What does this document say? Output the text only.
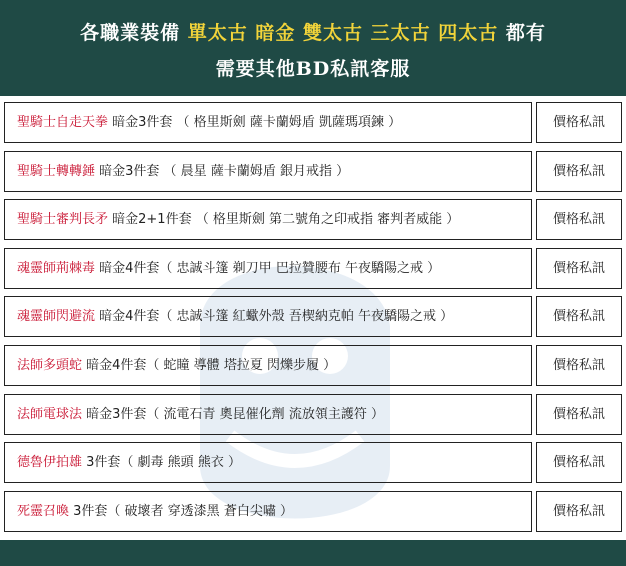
各職業裝備 單太古 暗金 雙太古 三太古 四太古 都有
需要其他BD私訊客服
聖騎士自走天拳 暗金3件套 （ 格里斯劍 薩卡蘭姆盾 凱薩瑪項鍊 ）	價格私訊
聖騎士轉轉錘 暗金3件套 （ 晨星 薩卡蘭姆盾 銀月戒指 ）	價格私訊
聖騎士審判長矛 暗金2+1件套 （ 格里斯劍 第二號角之印戒指 審判者威能 ）	價格私訊
魂靈師荊棘毒 暗金4件套（ 忠誠斗篷 剃刀甲 巴拉贊腰布 午夜驕陽之戒 ）	價格私訊
魂靈師閃避流 暗金4件套（ 忠誠斗篷 紅蠍外殼 吾楔納克帕 午夜驕陽之戒 ）	價格私訊
法師多頭蛇 暗金4件套（ 蛇瞳 導體 塔拉夏 閃爍步履 ）	價格私訊
法師電球法 暗金3件套（ 流電石青 奧昆催化劑 流放領主護符 ）	價格私訊
德魯伊拍雄 3件套（ 劇毒 熊頭 熊衣 ）	價格私訊
死靈召喚 3件套（ 破壞者 穿透漆黑 蒼白尖嘯 ）	價格私訊
